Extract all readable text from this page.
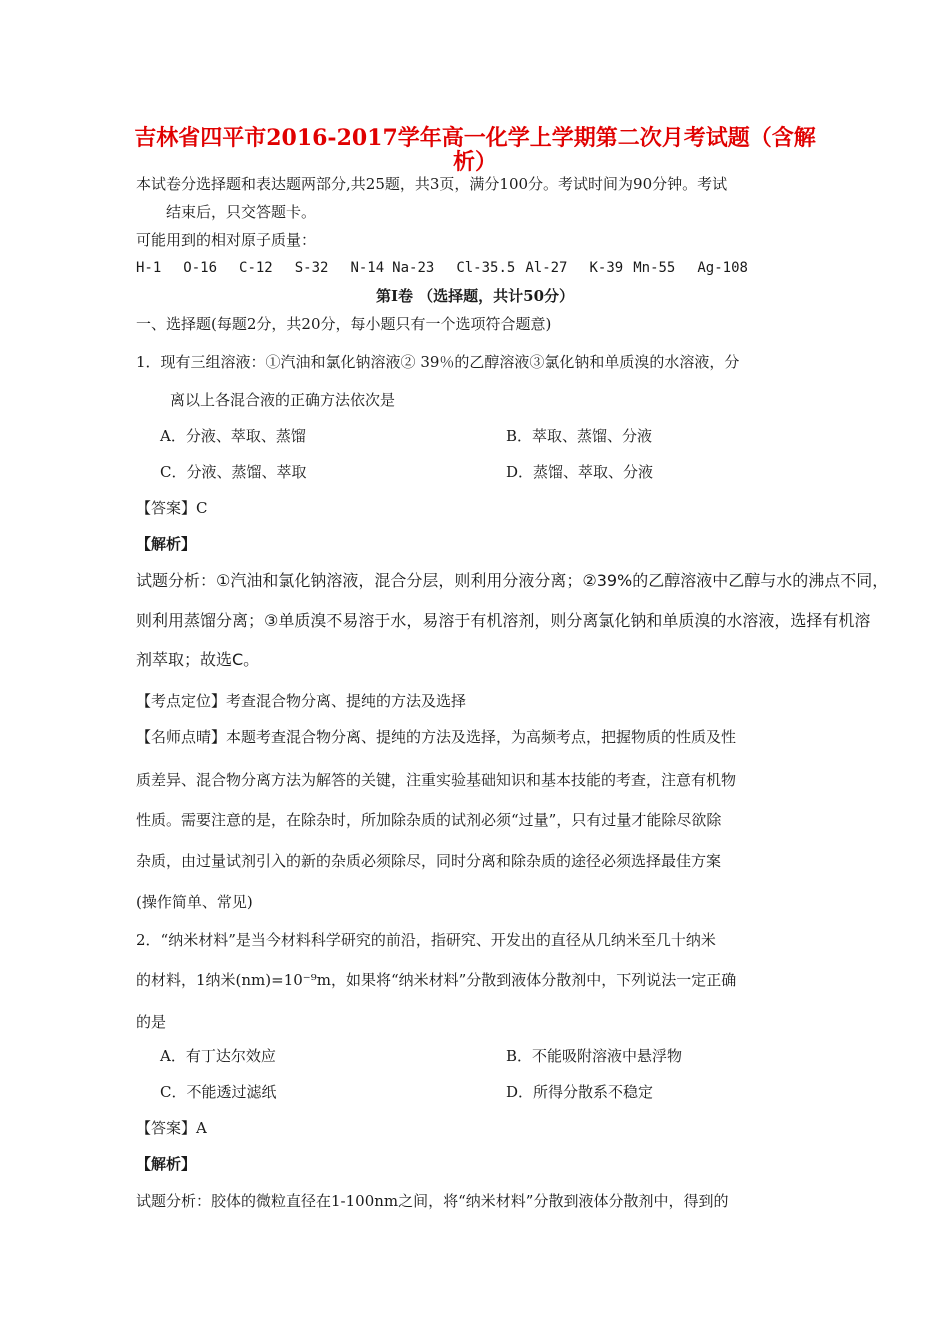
吉林省四平市2016-2017学年高一化学上学期第二次月考试题（含解
析）
本试卷分选择题和表达题两部分,共25题，共3页，满分100分。考试时间为90分钟。考试
结束后，只交答题卡。
可能用到的相对原子质量：
H-1 O-16 C-12 S-32 N-14 Na-23 Cl-35.5 Al-27 K-39 Mn-55 Ag-108
第Ⅰ卷 （选择题，共计50分）
一、选择题(每题2分，共20分，每小题只有一个选项符合题意)
1．现有三组溶液：①汽油和氯化钠溶液② 39％的乙醇溶液③氯化钠和单质溴的水溶液，分
离以上各混合液的正确方法依次是
A．分液、萃取、蒸馏	B．萃取、蒸馏、分液
C．分液、蒸馏、萃取	D．蒸馏、萃取、分液
【答案】C
【解析】
试题分析：①汽油和氯化钠溶液，混合分层，则利用分液分离；②39%的乙醇溶液中乙醇与水的沸点不同，
则利用蒸馏分离；③单质溴不易溶于水，易溶于有机溶剂，则分离氯化钠和单质溴的水溶液，选择有机溶
剂萃取；故选C。
【考点定位】考查混合物分离、提纯的方法及选择
【名师点晴】本题考查混合物分离、提纯的方法及选择，为高频考点，把握物质的性质及性
质差异、混合物分离方法为解答的关键，注重实验基础知识和基本技能的考查，注意有机物
性质。需要注意的是，在除杂时，所加除杂质的试剂必须“过量”，只有过量才能除尽欲除
杂质，由过量试剂引入的新的杂质必须除尽，同时分离和除杂质的途径必须选择最佳方案
(操作简单、常见)
2．“纳米材料”是当今材料科学研究的前沿，指研究、开发出的直径从几纳米至几十纳米
的材料，1纳米(nm)=10⁻⁹m，如果将“纳米材料”分散到液体分散剂中，下列说法一定正确
的是
A．有丁达尔效应	B．不能吸附溶液中悬浮物
C．不能透过滤纸	D．所得分散系不稳定
【答案】A
【解析】
试题分析：胶体的微粒直径在1-100nm之间，将“纳米材料”分散到液体分散剂中，得到的
